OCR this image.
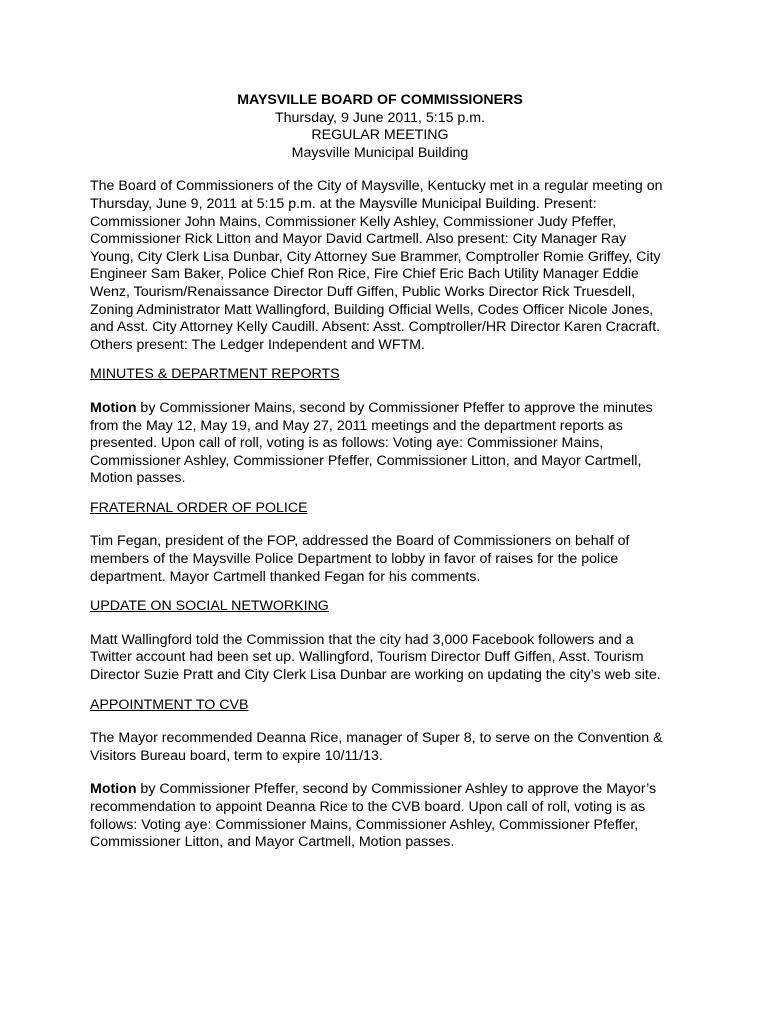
MAYSVILLE BOARD OF COMMISSIONERS
Thursday, 9 June 2011, 5:15 p.m.
REGULAR MEETING
Maysville Municipal Building

The Board of Commissioners of the City of Maysville, Kentucky met in a regular meeting on Thursday, June 9, 2011 at 5:15 p.m. at the Maysville Municipal Building. Present: Commissioner John Mains, Commissioner Kelly Ashley, Commissioner Judy Pfeffer, Commissioner Rick Litton and Mayor David Cartmell. Also present: City Manager Ray Young, City Clerk Lisa Dunbar, City Attorney Sue Brammer, Comptroller Romie Griffey, City Engineer Sam Baker, Police Chief Ron Rice, Fire Chief Eric Bach Utility Manager Eddie Wenz, Tourism/Renaissance Director Duff Giffen, Public Works Director Rick Truesdell, Zoning Administrator Matt Wallingford, Building Official Wells, Codes Officer Nicole Jones, and Asst. City Attorney Kelly Caudill. Absent: Asst. Comptroller/HR Director Karen Cracraft. Others present: The Ledger Independent and WFTM.

MINUTES & DEPARTMENT REPORTS

Motion by Commissioner Mains, second by Commissioner Pfeffer to approve the minutes from the May 12, May 19, and May 27, 2011 meetings and the department reports as presented. Upon call of roll, voting is as follows: Voting aye: Commissioner Mains, Commissioner Ashley, Commissioner Pfeffer, Commissioner Litton, and Mayor Cartmell, Motion passes.

FRATERNAL ORDER OF POLICE

Tim Fegan, president of the FOP, addressed the Board of Commissioners on behalf of members of the Maysville Police Department to lobby in favor of raises for the police department. Mayor Cartmell thanked Fegan for his comments.

UPDATE ON SOCIAL NETWORKING

Matt Wallingford told the Commission that the city had 3,000 Facebook followers and a Twitter account had been set up. Wallingford, Tourism Director Duff Giffen, Asst. Tourism Director Suzie Pratt and City Clerk Lisa Dunbar are working on updating the city’s web site.

APPOINTMENT TO CVB

The Mayor recommended Deanna Rice, manager of Super 8, to serve on the Convention & Visitors Bureau board, term to expire 10/11/13.

Motion by Commissioner Pfeffer, second by Commissioner Ashley to approve the Mayor’s recommendation to appoint Deanna Rice to the CVB board. Upon call of roll, voting is as follows: Voting aye: Commissioner Mains, Commissioner Ashley, Commissioner Pfeffer, Commissioner Litton, and Mayor Cartmell, Motion passes.
